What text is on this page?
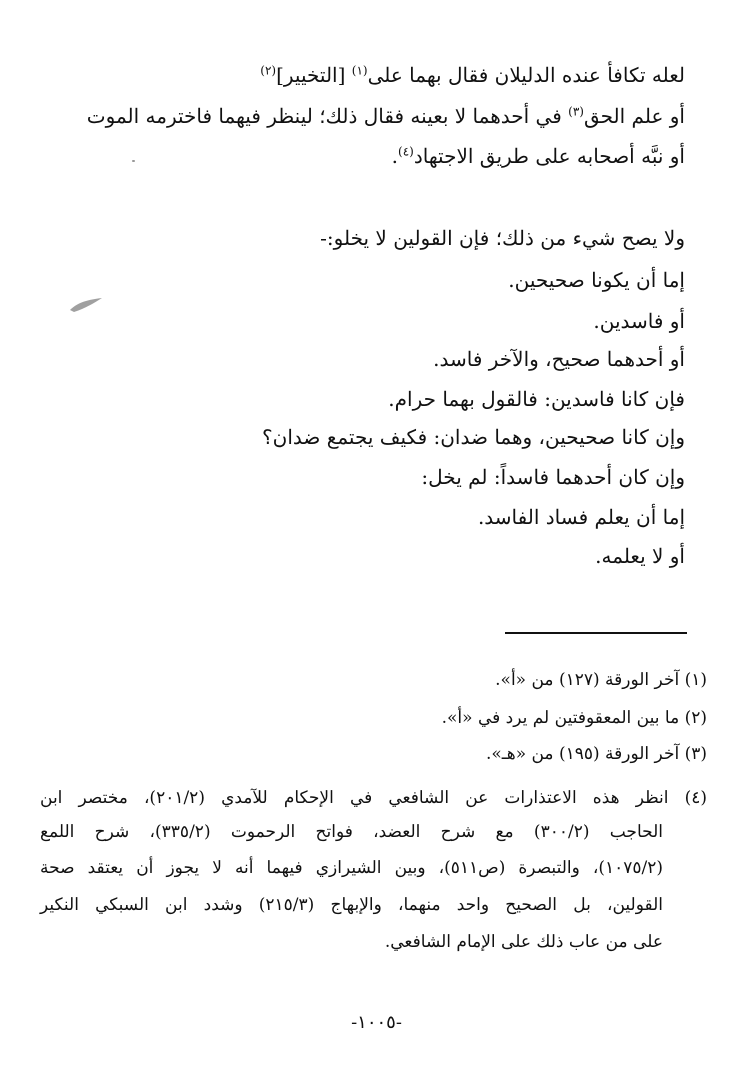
لعله تكافأ عنده الدليلان فقال بهما على$^{(١)}$ [التخيير]$^{(٢)}$
أو علم الحق$^{(٣)}$ في أحدهما لا بعينه فقال ذلك؛ لينظر فيهما فاخترمه الموت
أو نبَّه أصحابه على طريق الاجتهاد$^{(٤)}$.
ولا يصح شيء من ذلك؛ فإن القولين لا يخلو:-
إما أن يكونا صحيحين.
أو فاسدين.
أو أحدهما صحيح، والآخر فاسد.
فإن كانا فاسدين: فالقول بهما حرام.
وإن كانا صحيحين، وهما ضدان: فكيف يجتمع ضدان؟
وإن كان أحدهما فاسداً: لم يخل:
إما أن يعلم فساد الفاسد.
أو لا يعلمه.
(١) آخر الورقة (١٢٧) من «أ».
(٢) ما بين المعقوفتين لم يرد في «أ».
(٣) آخر الورقة (١٩٥) من «هـ».
(٤) انظر هذه الاعتذارات عن الشافعي في الإحكام للآمدي (٢٠١/٢)، مختصر ابن
الحاجب (٣٠٠/٢) مع شرح العضد، فواتح الرحموت (٣٣٥/٢)، شرح اللمع
(١٠٧٥/٢)، والتبصرة (ص٥١١)، وبين الشيرازي فيهما أنه لا يجوز أن يعتقد صحة
القولين، بل الصحيح واحد منهما، والإبهاج (٢١٥/٣) وشدد ابن السبكي النكير
على من عاب ذلك على الإمام الشافعي.
-١٠٠٥-
